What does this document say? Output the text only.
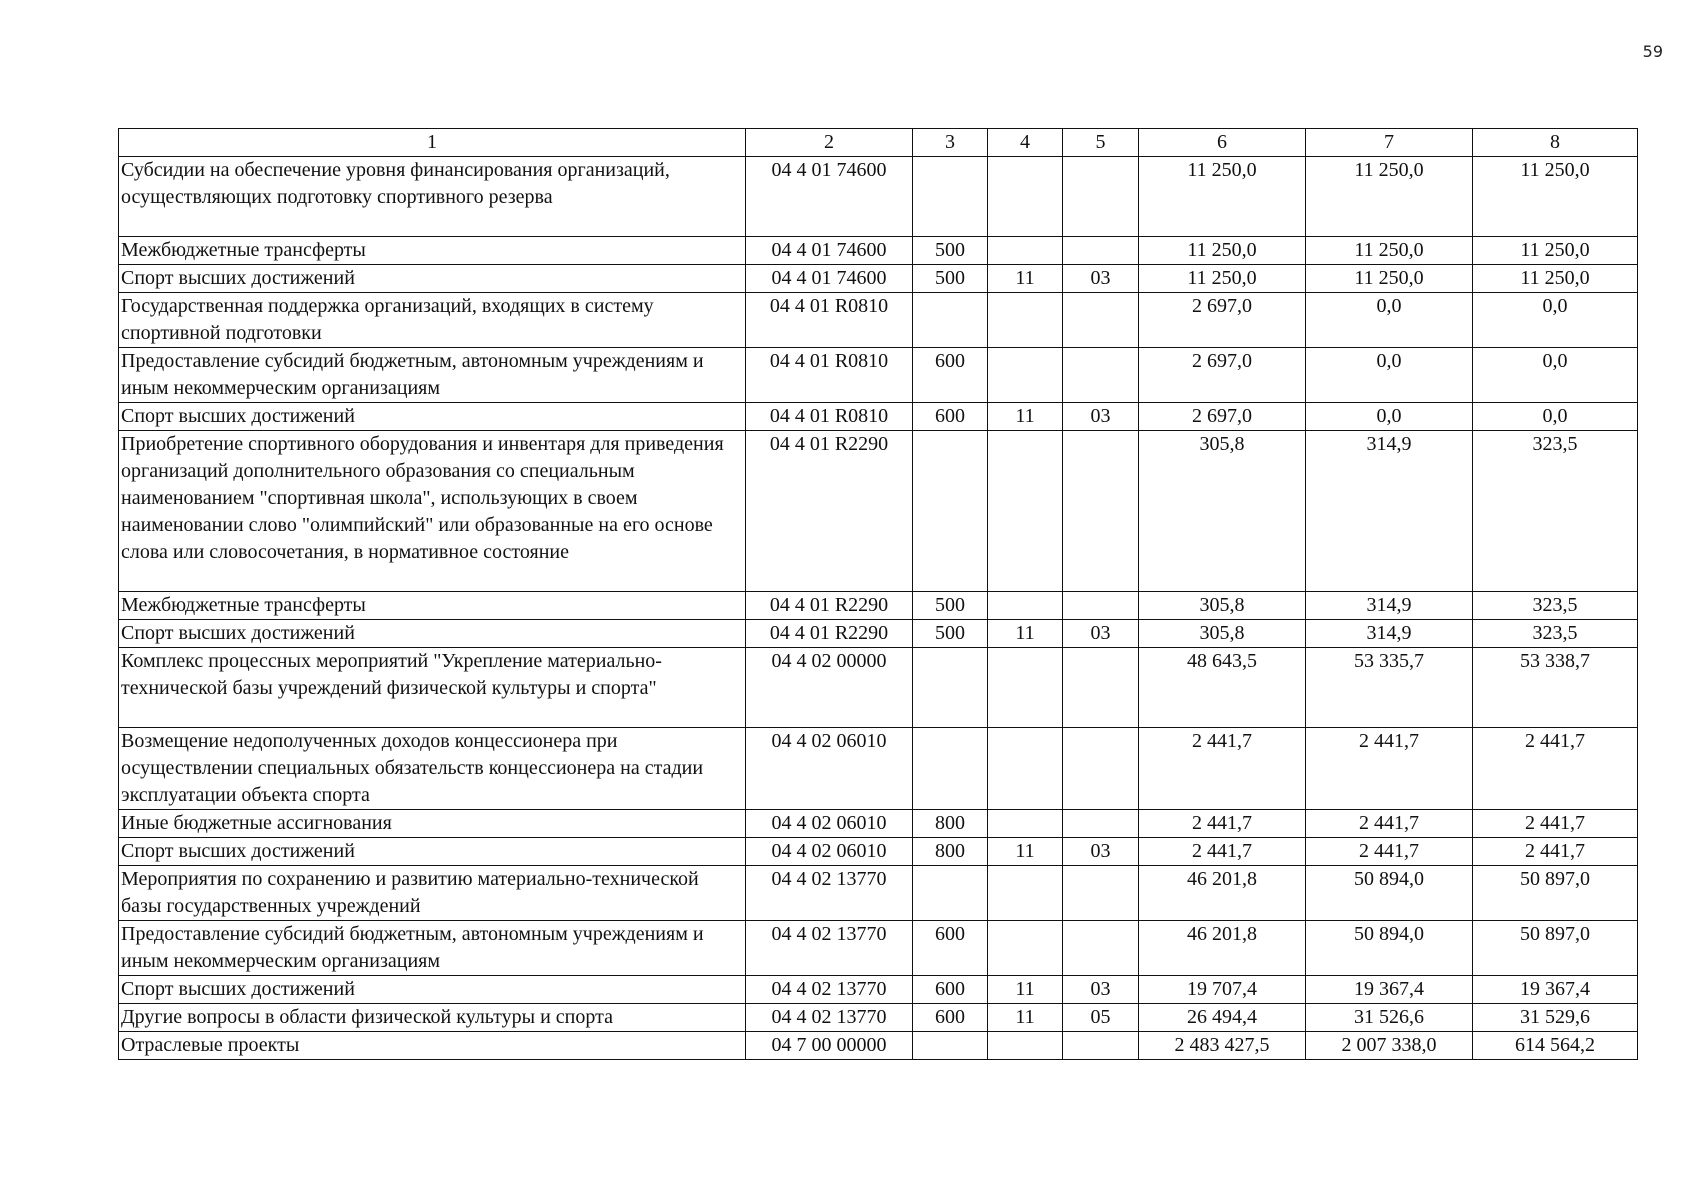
59
1	2	3	4	5	6	7	8
Субсидии на обеспечение уровня финансирования организаций, осуществляющих подготовку спортивного резерва	04 4 01 74600				11 250,0	11 250,0	11 250,0
Межбюджетные трансферты	04 4 01 74600	500			11 250,0	11 250,0	11 250,0
Спорт высших достижений	04 4 01 74600	500	11	03	11 250,0	11 250,0	11 250,0
Государственная поддержка организаций, входящих в систему спортивной подготовки	04 4 01 R0810				2 697,0	0,0	0,0
Предоставление субсидий бюджетным, автономным учреждениям и иным некоммерческим организациям	04 4 01 R0810	600			2 697,0	0,0	0,0
Спорт высших достижений	04 4 01 R0810	600	11	03	2 697,0	0,0	0,0
Приобретение спортивного оборудования и инвентаря для приведения организаций дополнительного образования со специальным наименованием "спортивная школа", использующих в своем наименовании слово "олимпийский" или образованные на его основе слова или словосочетания, в нормативное состояние	04 4 01 R2290				305,8	314,9	323,5
Межбюджетные трансферты	04 4 01 R2290	500			305,8	314,9	323,5
Спорт высших достижений	04 4 01 R2290	500	11	03	305,8	314,9	323,5
Комплекс процессных мероприятий "Укрепление материально-технической базы учреждений физической культуры и спорта"	04 4 02 00000				48 643,5	53 335,7	53 338,7
Возмещение недополученных доходов концессионера при осуществлении специальных обязательств концессионера на стадии эксплуатации объекта спорта	04 4 02 06010				2 441,7	2 441,7	2 441,7
Иные бюджетные ассигнования	04 4 02 06010	800			2 441,7	2 441,7	2 441,7
Спорт высших достижений	04 4 02 06010	800	11	03	2 441,7	2 441,7	2 441,7
Мероприятия по сохранению и развитию материально-технической базы государственных учреждений	04 4 02 13770				46 201,8	50 894,0	50 897,0
Предоставление субсидий бюджетным, автономным учреждениям и иным некоммерческим организациям	04 4 02 13770	600			46 201,8	50 894,0	50 897,0
Спорт высших достижений	04 4 02 13770	600	11	03	19 707,4	19 367,4	19 367,4
Другие вопросы в области физической культуры и спорта	04 4 02 13770	600	11	05	26 494,4	31 526,6	31 529,6
Отраслевые проекты	04 7 00 00000				2 483 427,5	2 007 338,0	614 564,2
